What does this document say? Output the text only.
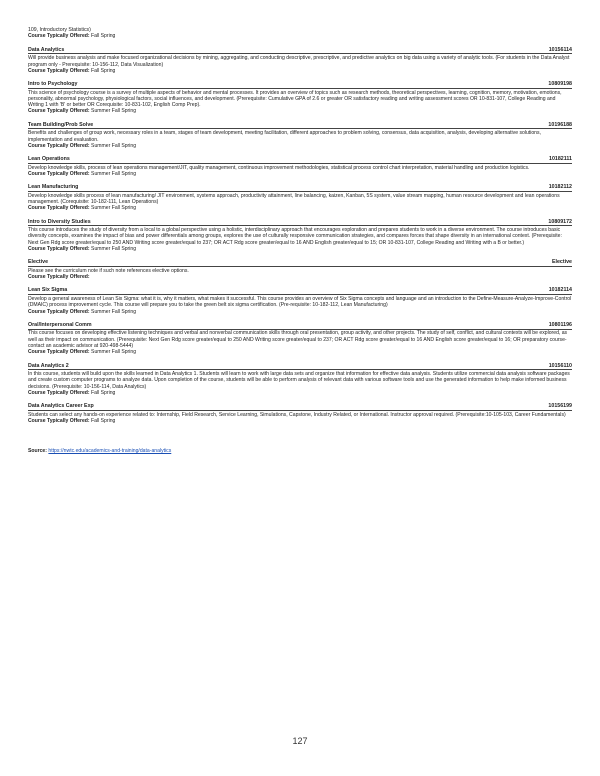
109, Introductory Statistics)
Course Typically Offered: Fall Spring
Data Analytics	10156114
Will provide business analysis and make focused organizational decisions by mining, aggregating, and conducting descriptive, prescriptive, and predictive analytics on big data using a variety of analytic tools. (For students in the Data Analyst program only - Prerequisite: 10-156-112, Data Visualization)
Course Typically Offered: Fall Spring
Intro to Psychology	10809198
This science of psychology course is a survey of multiple aspects of behavior and mental processes. It provides an overview of topics such as research methods, theoretical perspectives, learning, cognition, memory, motivation, emotions, personality, abnormal psychology, physiological factors, social influences, and development. (Prerequisite: Cumulative GPA of 2.6 or greater OR satisfactory reading and writing assessment scores OR 10-831-107, College Reading and Writing 1 with 'B' or better OR Corequisite: 10-831-102, English Comp Prep).
Course Typically Offered: Summer Fall Spring
Team Building/Prob Solve	10196188
Benefits and challenges of group work, necessary roles in a team, stages of team development, meeting facilitation, different approaches to problem solving, consensus, data acquisition, analysis, developing alternative solutions, implementation and evaluation.
Course Typically Offered: Summer Fall Spring
Lean Operations	10182111
Develop knowledge skills, process of lean operations management/JIT, quality management, continuous improvement methodologies, statistical process control chart interpretation, material handling and production logistics.
Course Typically Offered: Summer Fall Spring
Lean Manufacturing	10182112
Develop knowledge skills process of lean manufacturing/ JIT environment, systems approach, productivity attainment, line balancing, kaizen, Kanban, 5S system, value stream mapping, human resource development and lean operations management. (Corequisite: 10-182-111, Lean Operations)
Course Typically Offered: Summer Fall Spring
Intro to Diversity Studies	10809172
This course introduces the study of diversity from a local to a global perspective using a holistic, interdisciplinary approach that encourages exploration and prepares students to work in a diverse environment. The course introduces basic diversity concepts, examines the impact of bias and power differentials among groups, explores the use of culturally responsive communication strategies, and compares forces that shape diversity in an international context. (Prerequisite: Next Gen Rdg score greater/equal to 250 AND Writing score greater/equal to 237; OR ACT Rdg score greater/equal to 16 AND English greater/equal to 15; OR 10-831-107, College Reading and Writing with a B or better.)
Course Typically Offered: Summer Fall Spring
Elective	Elective
Please see the curriculum note if such note references elective options.
Course Typically Offered:
Lean Six Sigma	10182114
Develop a general awareness of Lean Six Sigma: what it is, why it matters, what makes it successful. This course provides an overview of Six Sigma concepts and language and an introduction to the Define-Measure-Analyze-Improve-Control (DMAIC) process improvement cycle. This course will prepare you to take the green belt six sigma certification. (Pre-requisite: 10-182-112, Lean Manufacturing)
Course Typically Offered: Summer Fall Spring
Oral/Interpersonal Comm	10801196
This course focuses on developing effective listening techniques and verbal and nonverbal communication skills through oral presentation, group activity, and other projects. The study of self, conflict, and cultural contexts will be explored, as well as their impact on communication. (Prerequisite: Next Gen Rdg score greater/equal to 250 AND Writing score greater/equal to 237; OR ACT Rdg score greater/equal to 16 AND English score greater/equal to 16; OR preparatory course-contact an academic advisor at 920-498-5444)
Course Typically Offered: Summer Fall Spring
Data Analytics 2	10156110
In this course, students will build upon the skills learned in Data Analytics 1. Students will learn to work with large data sets and organize that information for effective data analysis. Students utilize commercial data analysis software packages and create custom computer programs to analyze data. Upon completion of the course, students will be able to perform analysis of relevant data with various software tools and use the generated information to help make informed business decisions. (Prerequisite: 10-156-114, Data Analytics)
Course Typically Offered: Fall Spring
Data Analytics Career Exp	10156199
Students can select any hands-on experience related to: Internship, Field Research, Service Learning, Simulations, Capstone, Industry Related, or International. Instructor approval required. (Prerequisite:10-105-103, Career Fundamentals)
Course Typically Offered: Fall Spring
Source: https://nwtc.edu/academics-and-training/data-analytics
127
